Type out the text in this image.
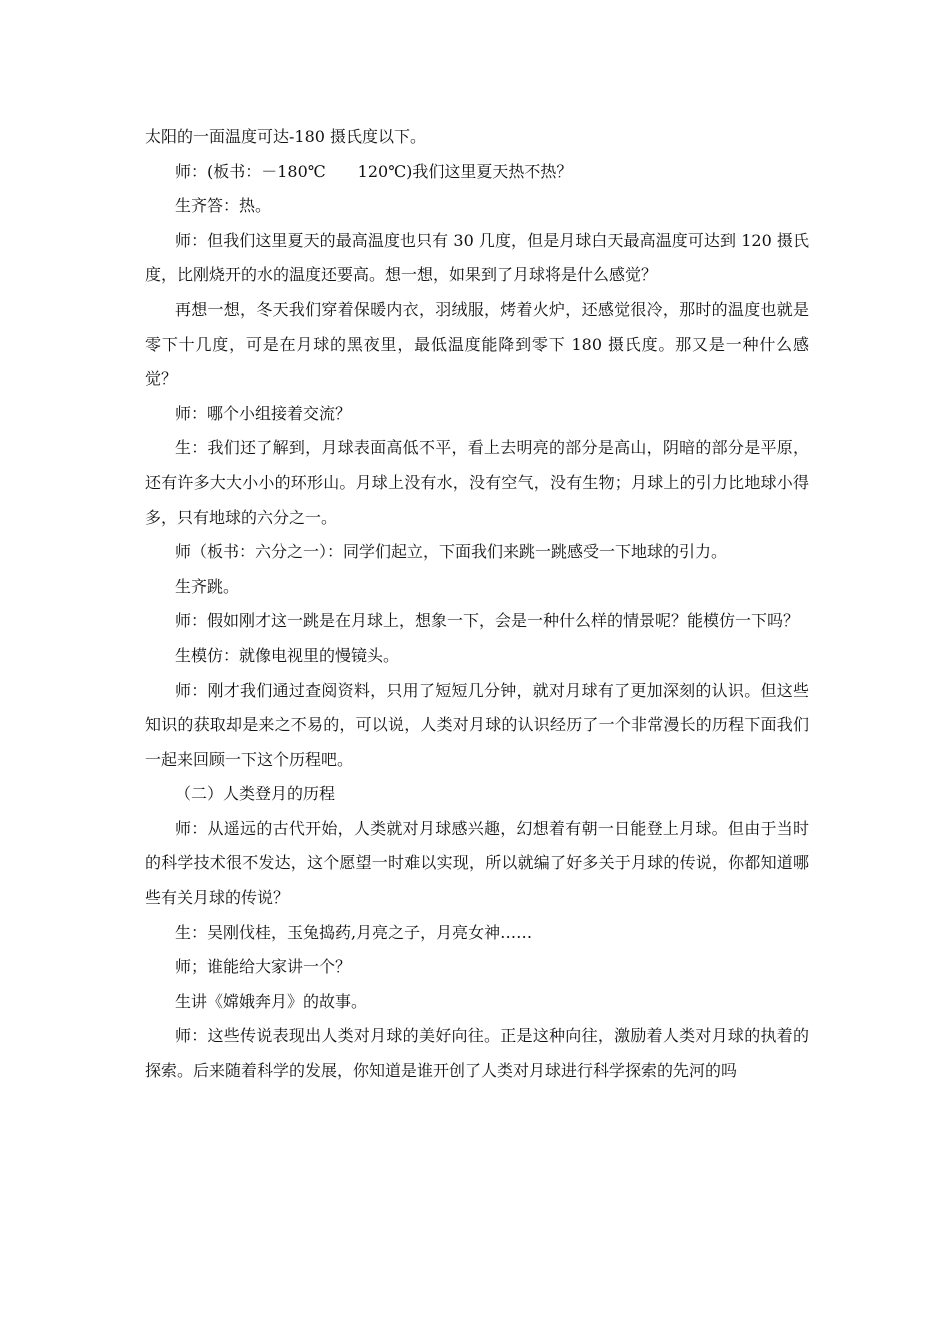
太阳的一面温度可达-180 摄氏度以下。

师：(板书：－180℃　　120℃)我们这里夏天热不热？

生齐答：热。

师：但我们这里夏天的最高温度也只有 30 几度，但是月球白天最高温度可达到 120 摄氏度，比刚烧开的水的温度还要高。想一想，如果到了月球将是什么感觉？

再想一想，冬天我们穿着保暖内衣，羽绒服，烤着火炉，还感觉很冷，那时的温度也就是零下十几度，可是在月球的黑夜里，最低温度能降到零下 180 摄氏度。那又是一种什么感觉？

师：哪个小组接着交流？

生：我们还了解到，月球表面高低不平，看上去明亮的部分是高山，阴暗的部分是平原，还有许多大大小小的环形山。月球上没有水，没有空气，没有生物；月球上的引力比地球小得多，只有地球的六分之一。

师（板书：六分之一）：同学们起立，下面我们来跳一跳感受一下地球的引力。

生齐跳。

师：假如刚才这一跳是在月球上，想象一下，会是一种什么样的情景呢？能模仿一下吗？

生模仿：就像电视里的慢镜头。

师：刚才我们通过查阅资料，只用了短短几分钟，就对月球有了更加深刻的认识。但这些知识的获取却是来之不易的，可以说，人类对月球的认识经历了一个非常漫长的历程下面我们一起来回顾一下这个历程吧。

（二）人类登月的历程

师：从遥远的古代开始，人类就对月球感兴趣，幻想着有朝一日能登上月球。但由于当时的科学技术很不发达，这个愿望一时难以实现，所以就编了好多关于月球的传说，你都知道哪些有关月球的传说？

生：吴刚伐桂，玉兔捣药,月亮之子，月亮女神……

师；谁能给大家讲一个？

生讲《嫦娥奔月》的故事。

师：这些传说表现出人类对月球的美好向往。正是这种向往，激励着人类对月球的执着的探索。后来随着科学的发展，你知道是谁开创了人类对月球进行科学探索的先河的吗
